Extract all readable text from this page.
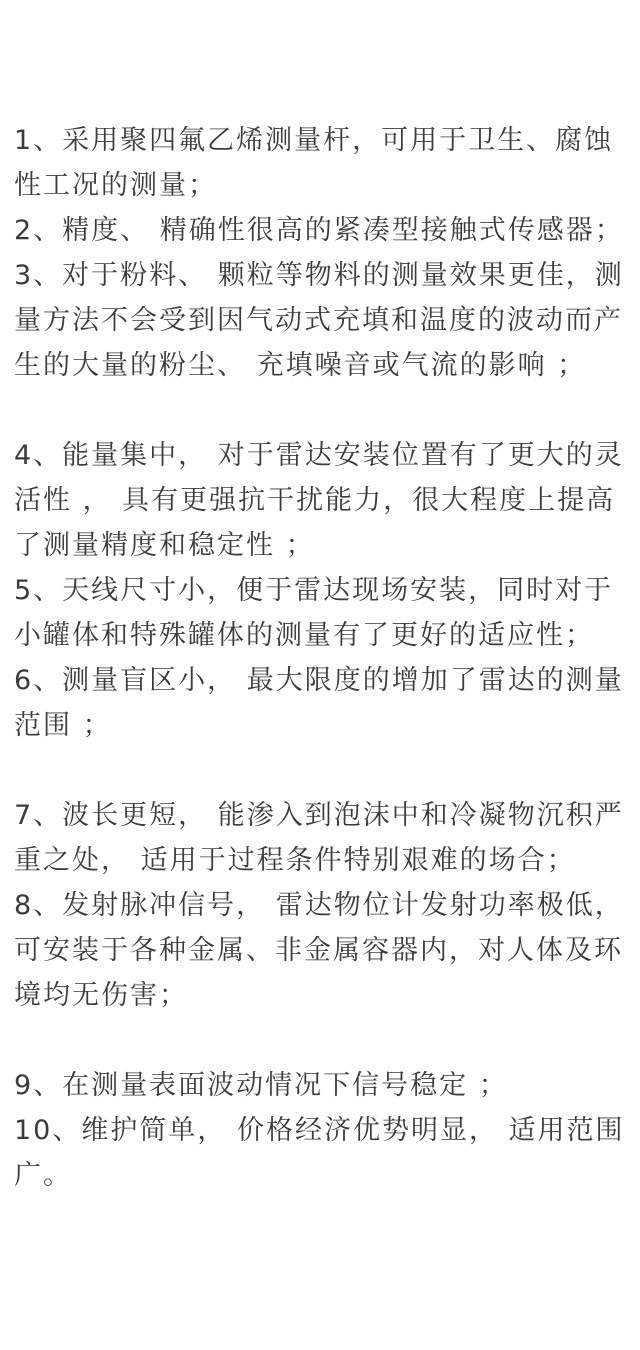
1、采用聚四氟乙烯测量杆，可用于卫生、腐蚀性工况的测量；

2、精度、 精确性很高的紧凑型接触式传感器；

3、对于粉料、 颗粒等物料的测量效果更佳，测量方法不会受到因气动式充填和温度的波动而产生的大量的粉尘、 充填噪音或气流的影响 ；

4、能量集中， 对于雷达安装位置有了更大的灵活性 ， 具有更强抗干扰能力，很大程度上提高了测量精度和稳定性 ；

5、天线尺寸小，便于雷达现场安装，同时对于小罐体和特殊罐体的测量有了更好的适应性；

6、测量盲区小， 最大限度的增加了雷达的测量范围 ；

7、波长更短， 能渗入到泡沫中和冷凝物沉积严重之处， 适用于过程条件特别艰难的场合；

8、发射脉冲信号， 雷达物位计发射功率极低， 可安装于各种金属、非金属容器内，对人体及环境均无伤害；

9、在测量表面波动情况下信号稳定 ；

10、维护简单， 价格经济优势明显， 适用范围广。
